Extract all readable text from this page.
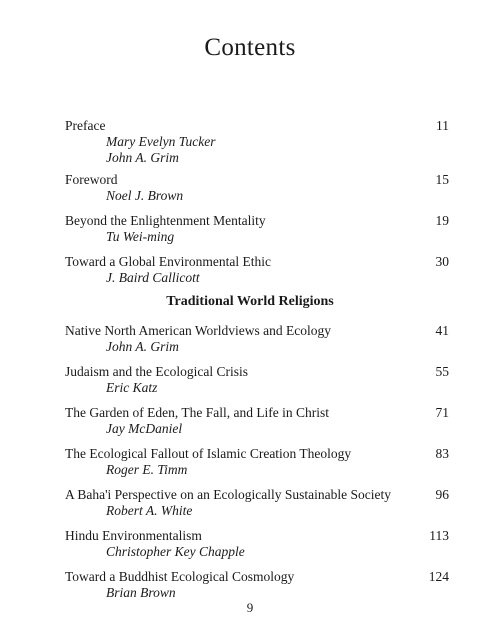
Contents
Preface	11
Mary Evelyn Tucker
John A. Grim
Foreword	15
Noel J. Brown
Beyond the Enlightenment Mentality	19
Tu Wei-ming
Toward a Global Environmental Ethic	30
J. Baird Callicott
Traditional World Religions
Native North American Worldviews and Ecology	41
John A. Grim
Judaism and the Ecological Crisis	55
Eric Katz
The Garden of Eden, The Fall, and Life in Christ	71
Jay McDaniel
The Ecological Fallout of Islamic Creation Theology	83
Roger E. Timm
A Baha'i Perspective on an Ecologically Sustainable Society	96
Robert A. White
Hindu Environmentalism	113
Christopher Key Chapple
Toward a Buddhist Ecological Cosmology	124
Brian Brown
9
